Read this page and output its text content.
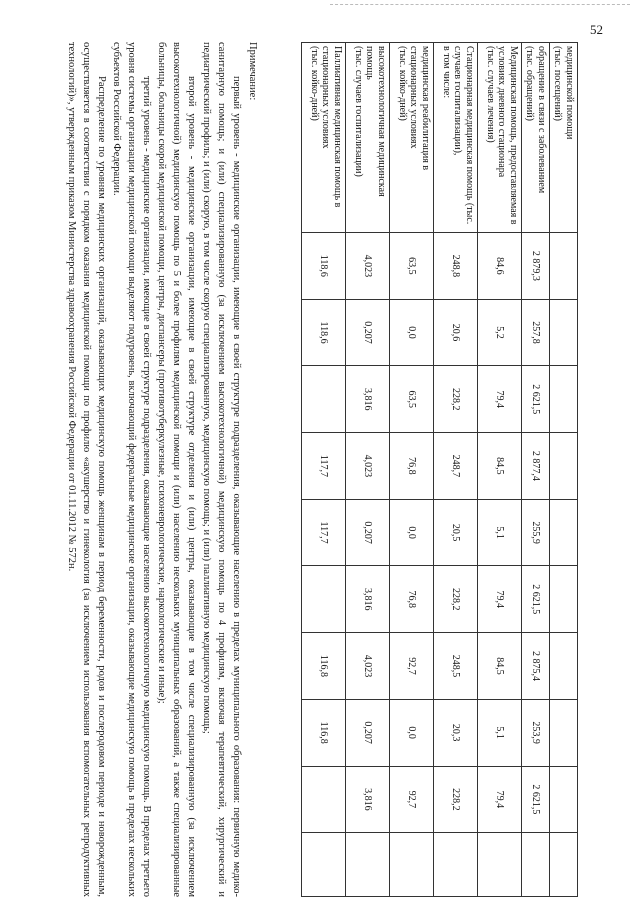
52
медицинской помощи
(тыс. посещений)										
обращение в связи с заболеванием
(тыс. обращений)	2 879,3	257,8	2 621,5	2 877,4	255,9	2 621,5	2 875,4	253,9	2 621,5	
Медицинская помощь, предоставляемая в условиях дневного стационара
(тыс. случаев лечения)	84,6	5,2	79,4	84,5	5,1	79,4	84,5	5,1	79,4	
Стационарная медицинская помощь (тыс. случаев госпитализации),
в том числе:	248,8	20,6	228,2	248,7	20,5	228,2	248,5	20,3	228,2	
медицинская реабилитация в стационарных условиях
(тыс. койко-дней)	63,5	0,0	63,5	76,8	0,0	76,8	92,7	0,0	92,7	
высокотехнологичная медицинская помощь
(тыс. случаев госпитализации)	4,023	0,207	3,816	4,023	0,207	3,816	4,023	0,207	3,816	
Паллиативная медицинская помощь в стационарных условиях
(тыс. койко-дней)	118,6	118,6		117,7	117,7		116,8	116,8		

Примечание:

первый уровень - медицинские организации, имеющие в своей структуре подразделения, оказывающие населению в пределах муниципального образования: первичную медико-санитарную помощь; и (или) специализированную (за исключением высокотехнологичной) медицинскую помощь по 4 профилям, включая терапевтический, хирургический и педиатрический профиль; и (или) скорую, в том числе скорую специализированную, медицинскую помощь; и (или) паллиативную медицинскую помощь;

второй уровень - медицинские организации, имеющие в своей структуре отделения и (или) центры, оказывающие в том числе специализированную (за исключением высокотехнологичной) медицинскую помощь по 5 и более профилям медицинской помощи и (или) населению нескольких муниципальных образований, а также специализированные больницы, больницы скорой медицинской помощи, центры, диспансеры (противотуберкулезные, психоневрологические, наркологические и иные);

третий уровень - медицинские организации, имеющие в своей структуре подразделения, оказывающие населению высокотехнологичную медицинскую помощь. В пределах третьего уровня системы организации медицинской помощи выделяют подуровень, включающий федеральные медицинские организации, оказывающие медицинскую помощь в пределах нескольких субъектов Российской Федерации.

Распределение по уровням медицинских организаций, оказывающих медицинскую помощь женщинам в период беременности, родов и послеродовом периоде и новорожденным, осуществляется в соответствии с порядком оказания медицинской помощи по профилю «акушерство и гинекология (за исключением использования вспомогательных репродуктивных технологий)», утвержденным приказом Министерства здравоохранения Российской Федерации от 01.11.2012 № 572н.
